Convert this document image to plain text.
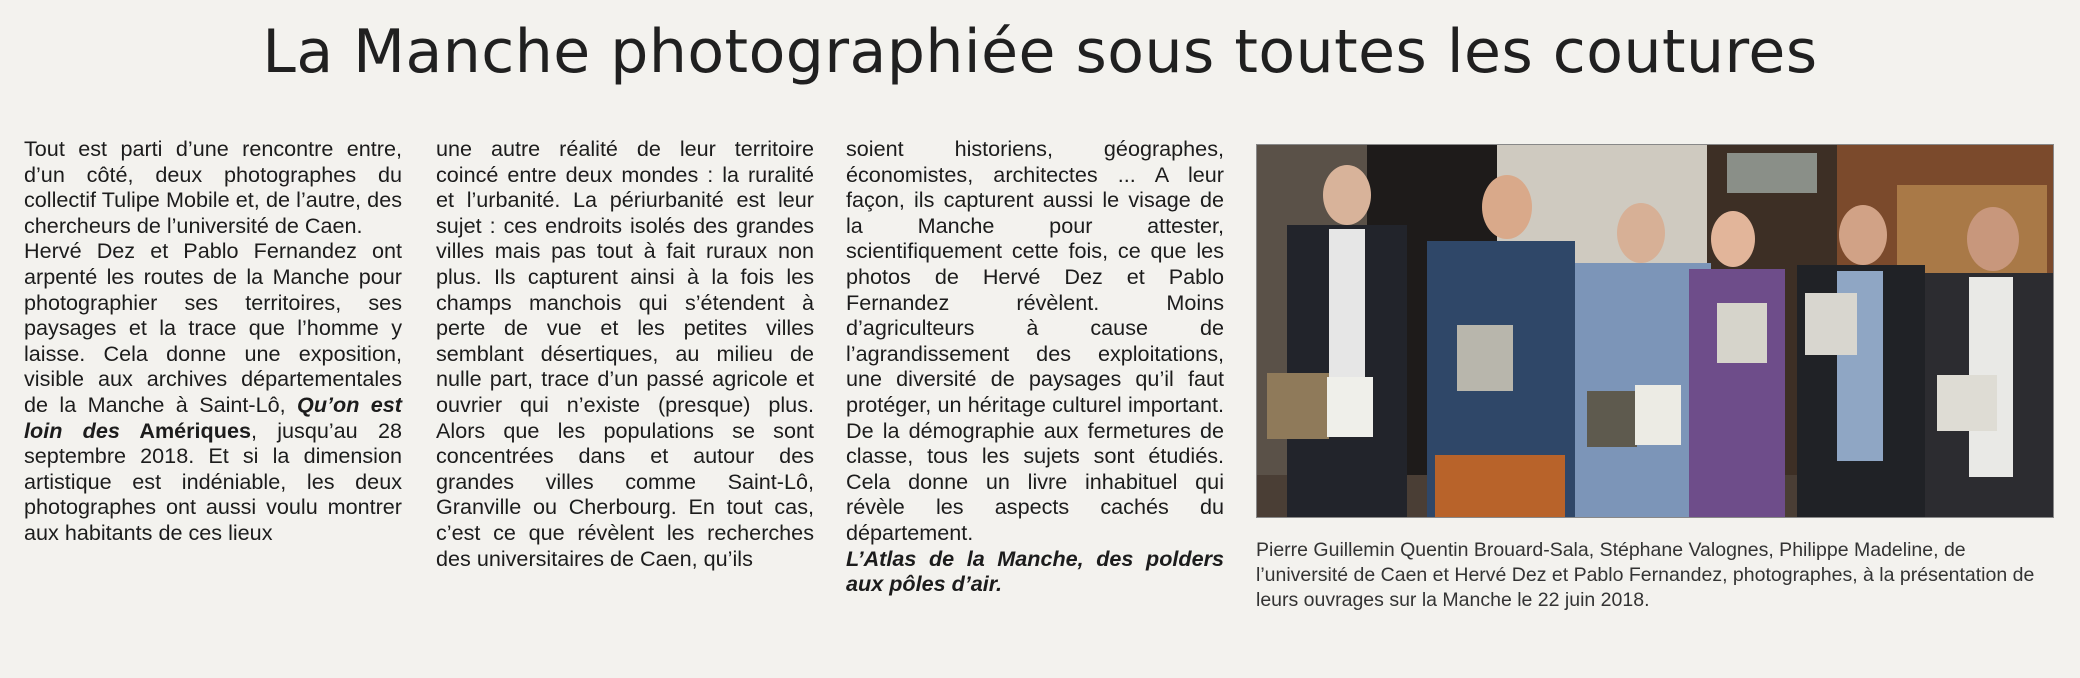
La Manche photographiée sous toutes les coutures

Tout est parti d’une rencontre entre, d’un côté, deux photographes du collectif Tulipe Mobile et, de l’autre, des chercheurs de l’université de Caen.

Hervé Dez et Pablo Fernandez ont arpenté les routes de la Manche pour photographier ses territoires, ses paysages et la trace que l’homme y laisse. Cela donne une exposition, visible aux archives départementales de la Manche à Saint-Lô, Qu’on est loin des Amériques, jusqu’au 28 septembre 2018. Et si la dimension artistique est indéniable, les deux photographes ont aussi voulu montrer aux habitants de ces lieux

une autre réalité de leur territoire coincé entre deux mondes : la ruralité et l’urbanité. La périurbanité est leur sujet : ces endroits isolés des grandes villes mais pas tout à fait ruraux non plus. Ils capturent ainsi à la fois les champs manchois qui s’étendent à perte de vue et les petites villes semblant désertiques, au milieu de nulle part, trace d’un passé agricole et ouvrier qui n’existe (presque) plus. Alors que les populations se sont concentrées dans et autour des grandes villes comme Saint-Lô, Granville ou Cherbourg. En tout cas, c’est ce que révèlent les recherches des universitaires de Caen, qu’ils

soient historiens, géographes, économistes, architectes ... A leur façon, ils capturent aussi le visage de la Manche pour attester, scientifiquement cette fois, ce que les photos de Hervé Dez et Pablo Fernandez révèlent. Moins d’agriculteurs à cause de l’agrandissement des exploitations, une diversité de paysages qu’il faut protéger, un héritage culturel important. De la démographie aux fermetures de classe, tous les sujets sont étudiés. Cela donne un livre inhabituel qui révèle les aspects cachés du département.

L’Atlas de la Manche, des polders aux pôles d’air.

Pierre Guillemin Quentin Brouard-Sala, Stéphane Valognes, Philippe Madeline, de l’université de Caen et Hervé Dez et Pablo Fernandez, photographes, à la présentation de leurs ouvrages sur la Manche le 22 juin 2018.
